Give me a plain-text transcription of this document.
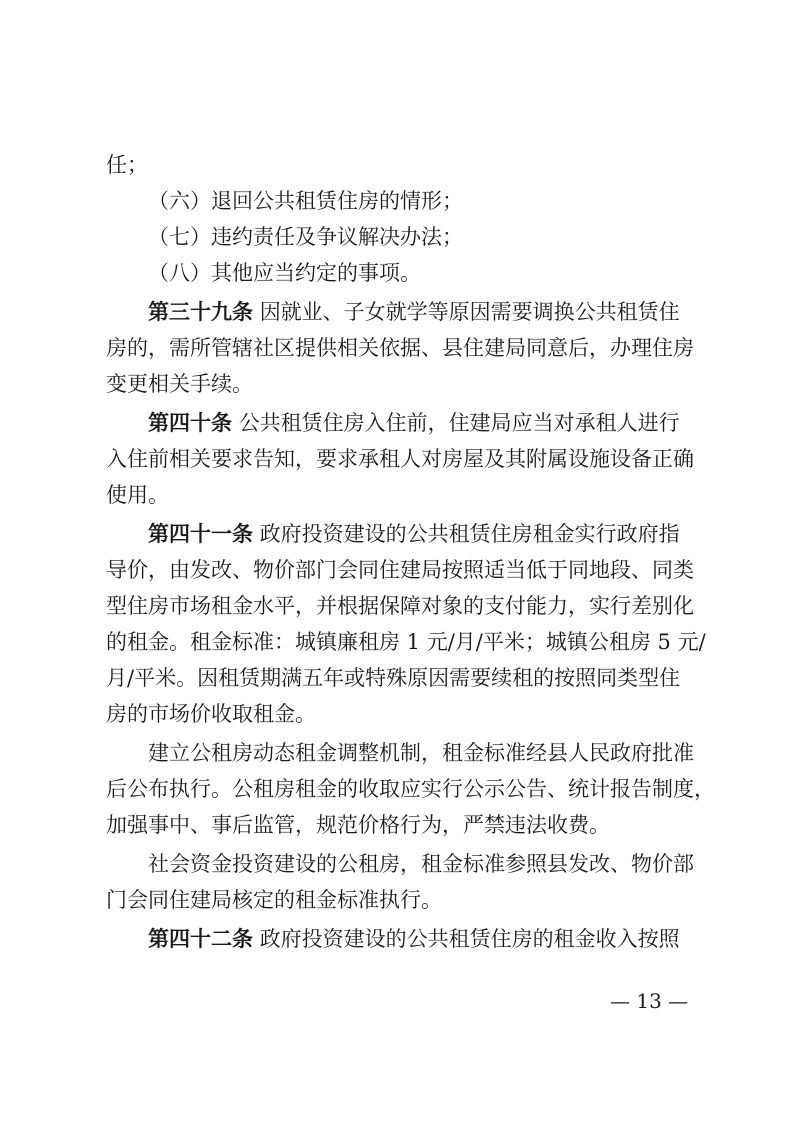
任；
（六）退回公共租赁住房的情形；
（七）违约责任及争议解决办法；
（八）其他应当约定的事项。
第三十九条 因就业、子女就学等原因需要调换公共租赁住
房的，需所管辖社区提供相关依据、县住建局同意后，办理住房
变更相关手续。
第四十条 公共租赁住房入住前，住建局应当对承租人进行
入住前相关要求告知，要求承租人对房屋及其附属设施设备正确
使用。
第四十一条 政府投资建设的公共租赁住房租金实行政府指
导价，由发改、物价部门会同住建局按照适当低于同地段、同类
型住房市场租金水平，并根据保障对象的支付能力，实行差别化
的租金。租金标准：城镇廉租房 1 元/月/平米；城镇公租房 5 元/
月/平米。因租赁期满五年或特殊原因需要续租的按照同类型住
房的市场价收取租金。
建立公租房动态租金调整机制，租金标准经县人民政府批准
后公布执行。公租房租金的收取应实行公示公告、统计报告制度，
加强事中、事后监管，规范价格行为，严禁违法收费。
社会资金投资建设的公租房，租金标准参照县发改、物价部
门会同住建局核定的租金标准执行。
第四十二条 政府投资建设的公共租赁住房的租金收入按照
— 13 —
